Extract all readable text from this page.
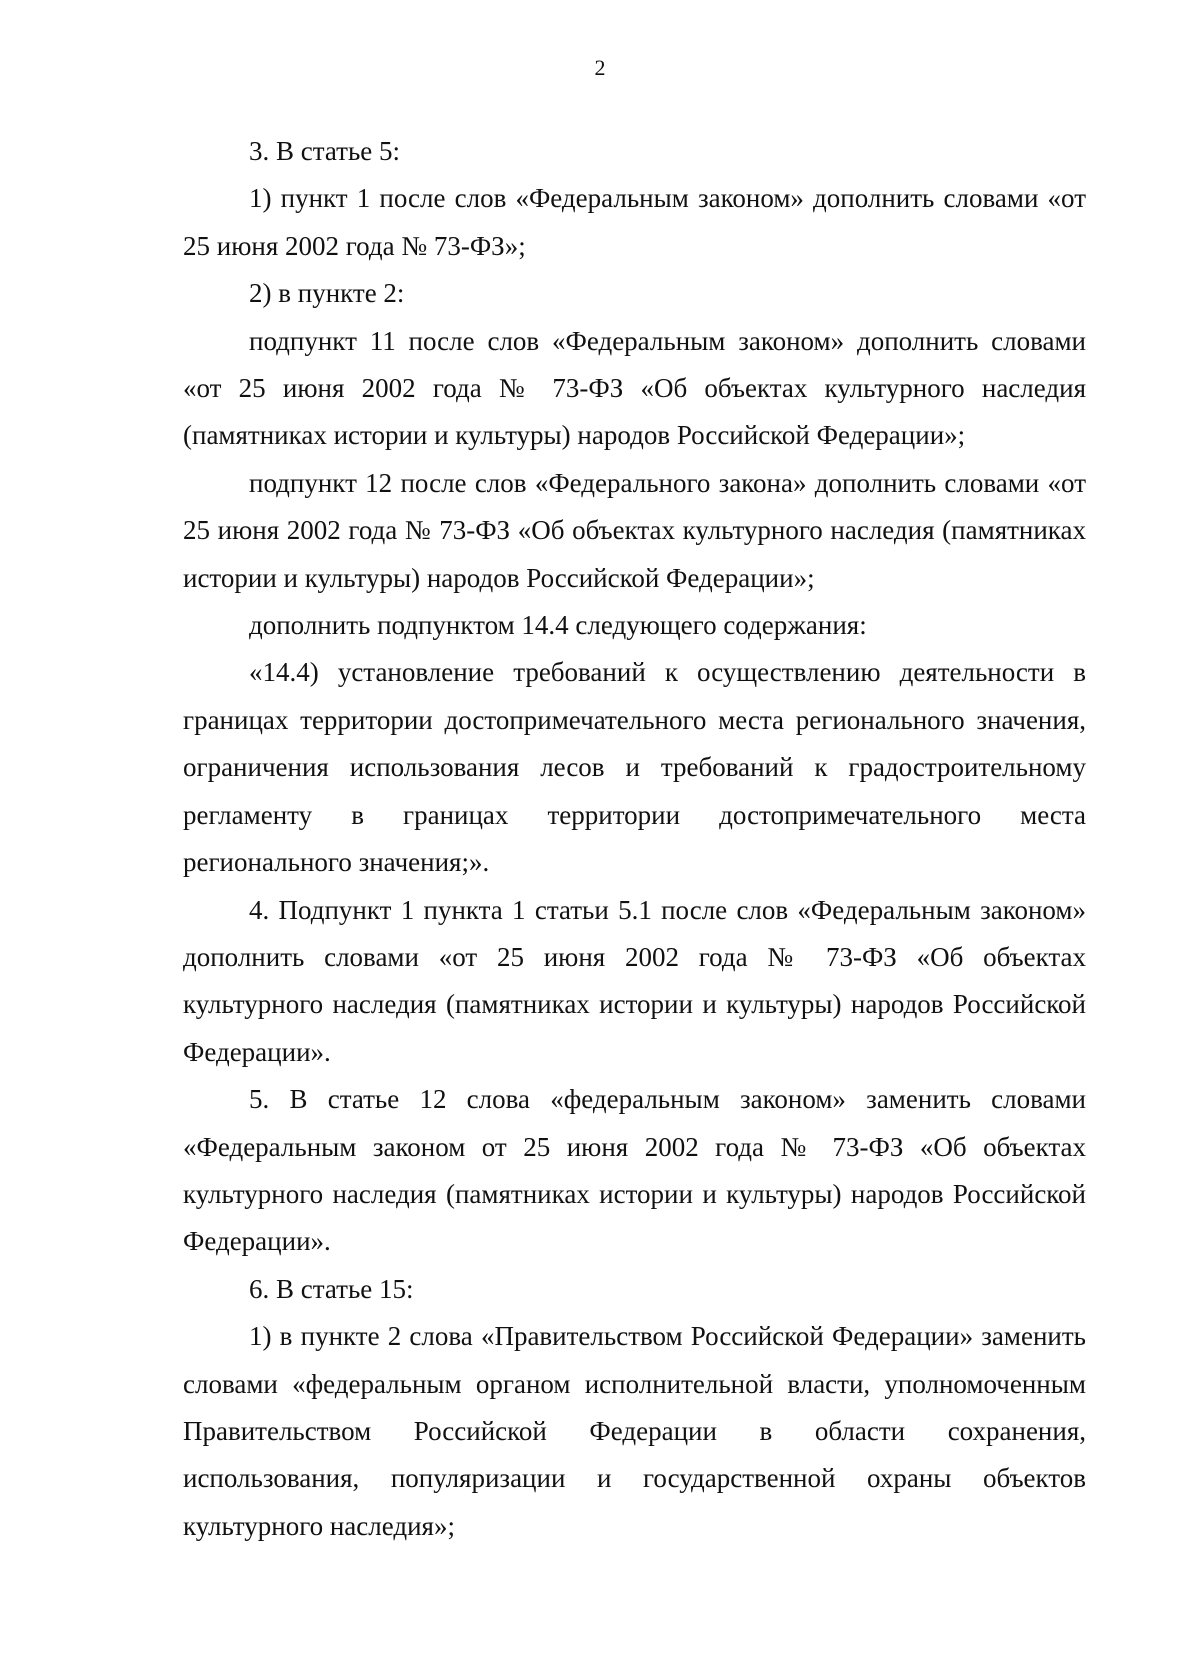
2

3. В статье 5:

1) пункт 1 после слов «Федеральным законом» дополнить словами «от 25 июня 2002 года № 73-ФЗ»;

2) в пункте 2:

подпункт 11 после слов «Федеральным законом» дополнить словами «от 25 июня 2002 года № 73-ФЗ «Об объектах культурного наследия (памятниках истории и культуры) народов Российской Федерации»;

подпункт 12 после слов «Федерального закона» дополнить словами «от 25 июня 2002 года № 73-ФЗ «Об объектах культурного наследия (памятниках истории и культуры) народов Российской Федерации»;

дополнить подпунктом 14.4 следующего содержания:

«14.4) установление требований к осуществлению деятельности в границах территории достопримечательного места регионального значения, ограничения использования лесов и требований к градостроительному регламенту в границах территории достопримечательного места регионального значения;».

4. Подпункт 1 пункта 1 статьи 5.1 после слов «Федеральным законом» дополнить словами «от 25 июня 2002 года № 73-ФЗ «Об объектах культурного наследия (памятниках истории и культуры) народов Российской Федерации».

5. В статье 12 слова «федеральным законом» заменить словами «Федеральным законом от 25 июня 2002 года № 73-ФЗ «Об объектах культурного наследия (памятниках истории и культуры) народов Российской Федерации».

6. В статье 15:

1) в пункте 2 слова «Правительством Российской Федерации» заменить словами «федеральным органом исполнительной власти, уполномоченным Правительством Российской Федерации в области сохранения, использования, популяризации и государственной охраны объектов культурного наследия»;
